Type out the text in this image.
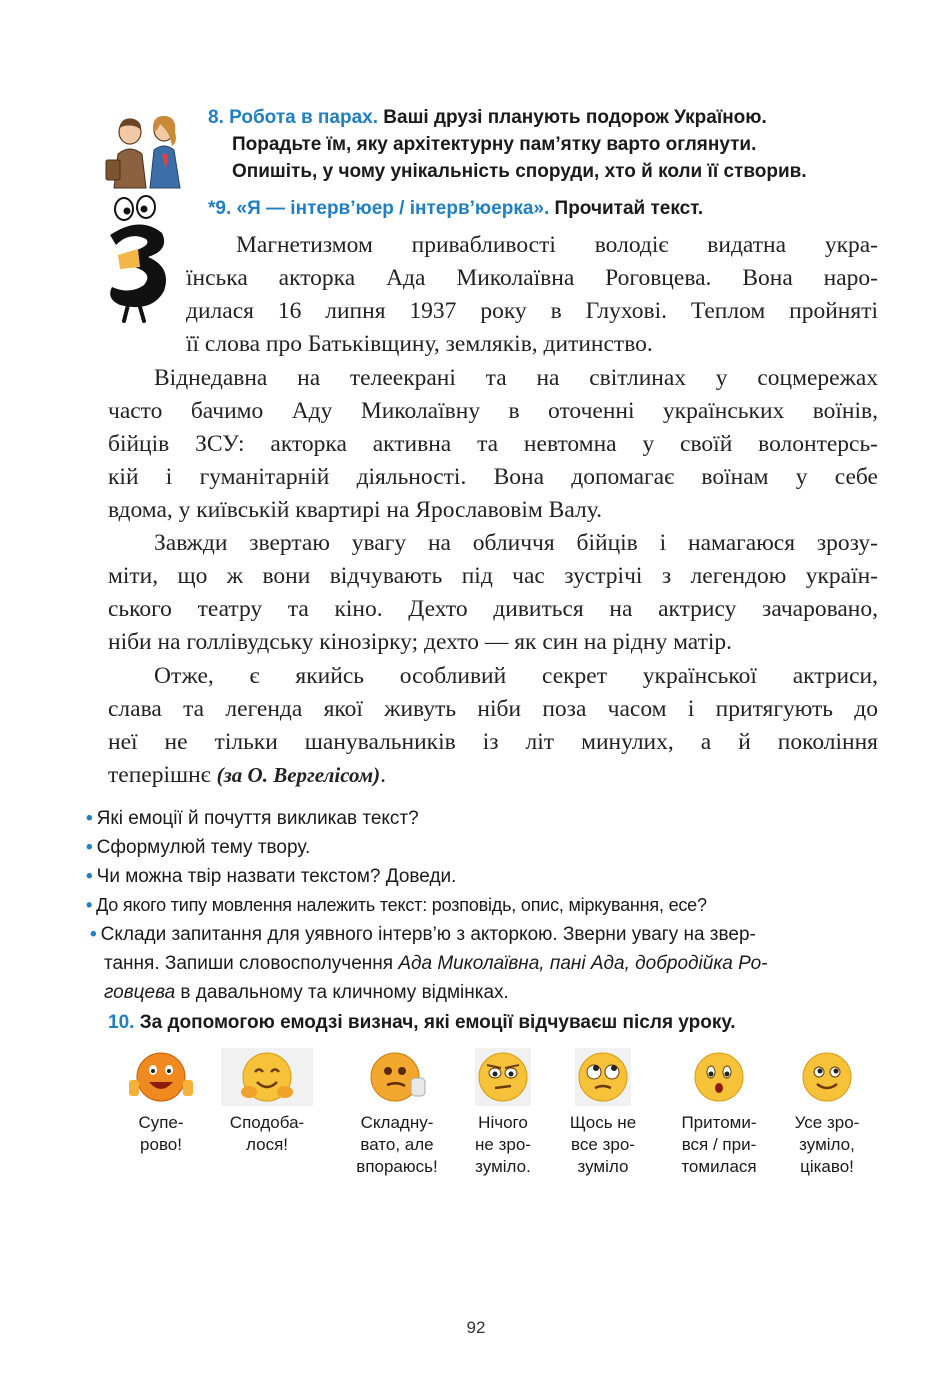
8. Робота в парах. Ваші друзі планують подорож Україною.
Порадьте їм, яку архітектурну пам’ятку варто оглянути.
Опишіть, у чому унікальність споруди, хто й коли її створив.
*9. «Я — інтерв’юер / інтерв’юерка». Прочитай текст.
Магнетизмом привабливості володіє видатна укра-
їнська акторка Ада Миколаївна Роговцева. Вона наро-
дилася 16 липня 1937 року в Глухові. Теплом пройняті
її слова про Батьківщину, земляків, дитинство.
Віднедавна на телеекрані та на світлинах у соцмережах
часто бачимо Аду Миколаївну в оточенні українських воїнів,
бійців ЗСУ: акторка активна та невтомна у своїй волонтерсь-
кій і гуманітарній діяльності. Вона допомагає воїнам у себе
вдома, у київській квартирі на Ярославовім Валу.
Завжди звертаю увагу на обличчя бійців і намагаюся зрозу-
міти, що ж вони відчувають під час зустрічі з легендою україн-
ського театру та кіно. Дехто дивиться на актрису зачаровано,
ніби на голлівудську кінозірку; дехто — як син на рідну матір.
Отже, є якийсь особливий секрет української актриси,
слава та легенда якої живуть ніби поза часом і притягують до
неї не тільки шанувальників із літ минулих, а й покоління
теперішнє (за О. Вергелісом).
• Які емоції й почуття викликав текст?
• Сформулюй тему твору.
• Чи можна твір назвати текстом? Доведи.
• До якого типу мовлення належить текст: розповідь, опис, міркування, есе?
• Склади запитання для уявного інтерв’ю з акторкою. Зверни увагу на звер-
тання. Запиши словосполучення Ада Миколаївна, пані Ада, добродійка Ро-
говцева в давальному та кличному відмінках.
10. За допомогою емодзі визнач, які емоції відчуваєш після уроку.
Супе-
рово!
Сподоба-
лося!
Складну-
вато, але
впораюсь!
Нічого
не зро-
зуміло.
Щось не
все зро-
зуміло
Притоми-
вся / при-
томилася
Усе зро-
зуміло,
цікаво!
92
